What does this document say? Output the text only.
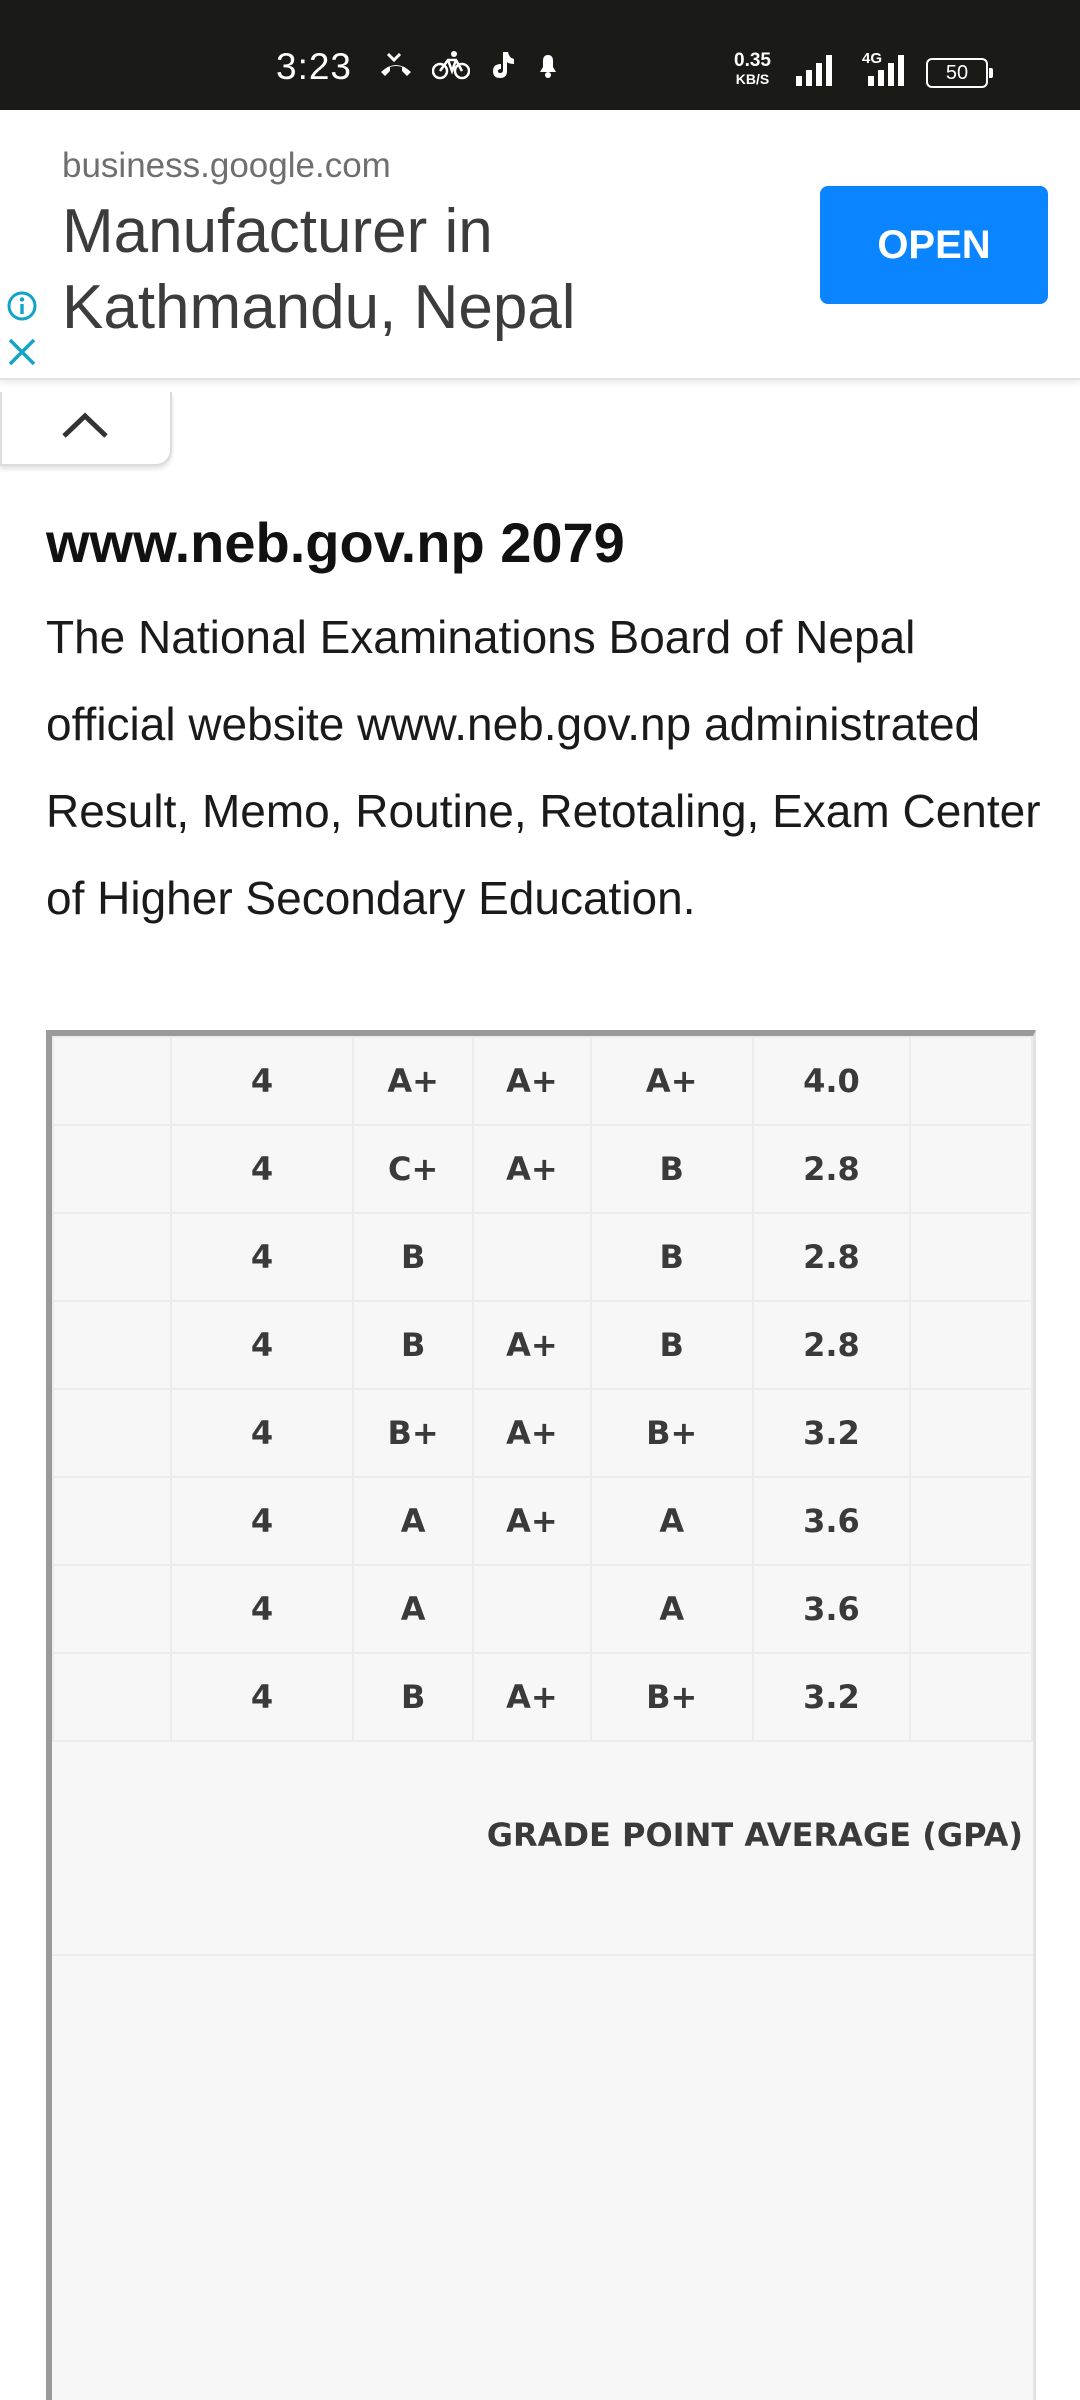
3:23	0.35
KB/S
4G
50
business.google.com
Manufacturer in Kathmandu, Nepal
OPEN
www.neb.gov.np 2079

The National Examinations Board of Nepal official website www.neb.gov.np administrated Result, Memo, Routine, Retotaling, Exam Center of Higher Secondary Education.

	4	A+	A+	A+	4.0	
	4	C+	A+	B	2.8	
	4	B		B	2.8	
	4	B	A+	B	2.8	
	4	B+	A+	B+	3.2	
	4	A	A+	A	3.6	
	4	A		A	3.6	
	4	B	A+	B+	3.2	
GRADE POINT AVERAGE (GPA)
